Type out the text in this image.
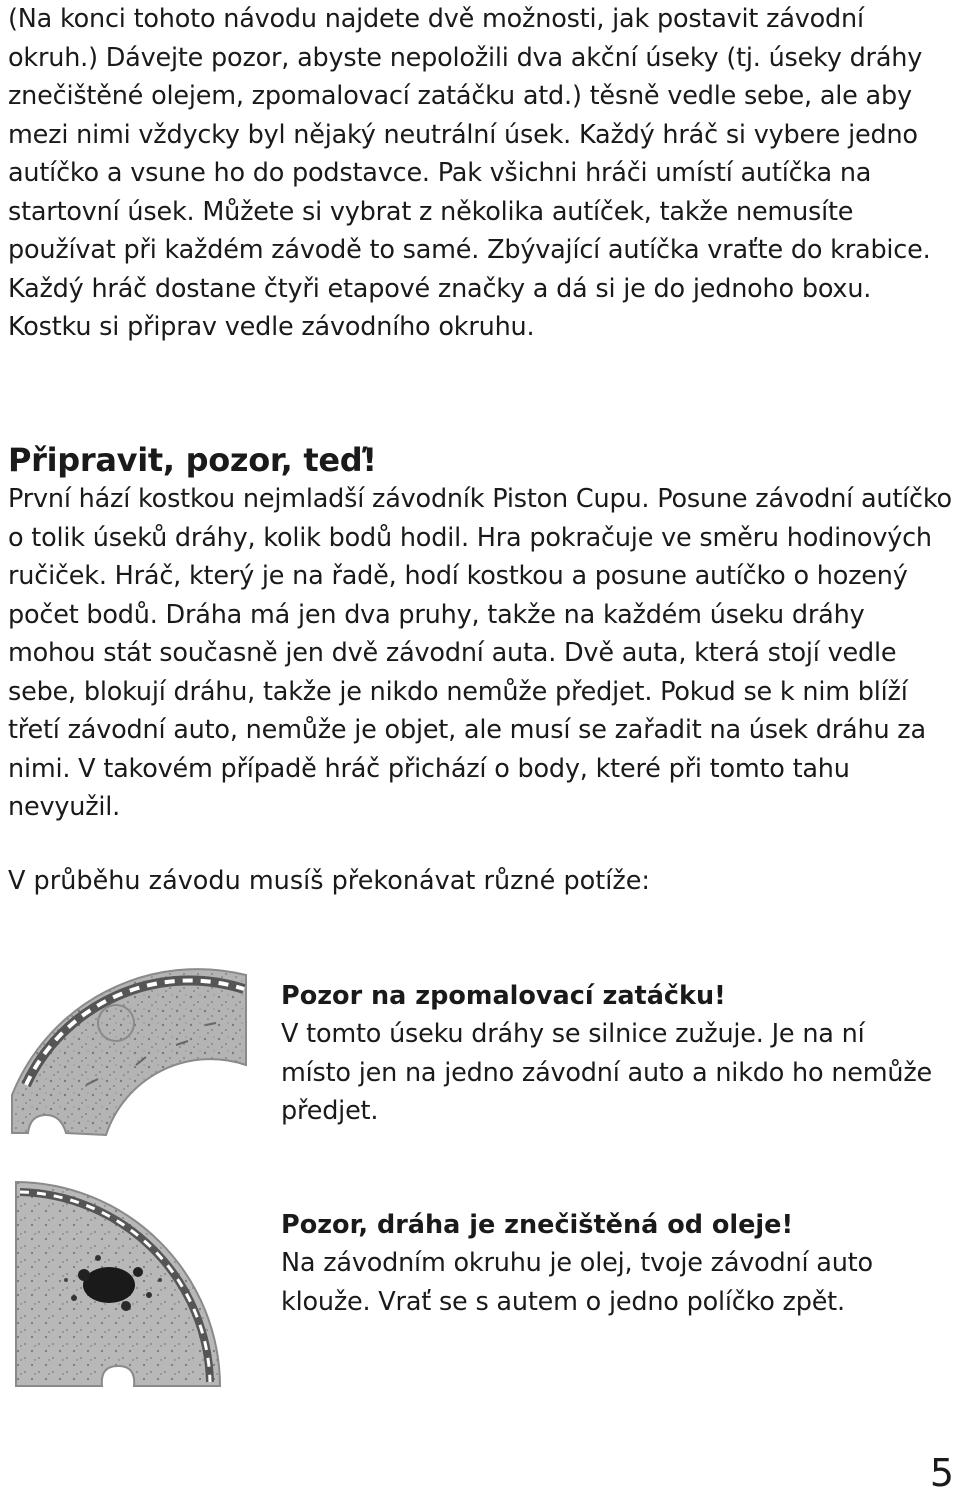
(Na konci tohoto návodu najdete dvě možnosti, jak postavit závodní okruh.) Dávejte pozor, abyste nepoložili dva akční úseky (tj. úseky dráhy znečištěné olejem, zpomalovací zatáčku atd.) těsně vedle sebe, ale aby mezi nimi vždycky byl nějaký neutrální úsek. Každý hráč si vybere jedno autíčko a vsune ho do podstavce. Pak všichni hráči umístí autíčka na startovní úsek. Můžete si vybrat z několika autíček, takže nemusíte používat při každém závodě to samé. Zbývající autíčka vraťte do krabice. Každý hráč dostane čtyři etapové značky a dá si je do jednoho boxu. Kostku si připrav vedle závodního okruhu.

Připravit, pozor, teď!

První hází kostkou nejmladší závodník Piston Cupu. Posune závodní autíčko o tolik úseků dráhy, kolik bodů hodil. Hra pokračuje ve směru hodinových ručiček. Hráč, který je na řadě, hodí kostkou a posune autíčko o hozený počet bodů. Dráha má jen dva pruhy, takže na každém úseku dráhy mohou stát současně jen dvě závodní auta. Dvě auta, která stojí vedle sebe, blokují dráhu, takže je nikdo nemůže předjet. Pokud se k nim blíží třetí závodní auto, nemůže je objet, ale musí se zařadit na úsek dráhu za nimi. V takovém případě hráč přichází o body, které při tomto tahu nevyužil.

V průběhu závodu musíš překonávat různé potíže:

Pozor na zpomalovací zatáčku!

V tomto úseku dráhy se silnice zužuje. Je na ní místo jen na jedno závodní auto a nikdo ho nemůže předjet.

Pozor, dráha je znečištěná od oleje!

Na závodním okruhu je olej, tvoje závodní auto klouže. Vrať se s autem o jedno políčko zpět.

5
